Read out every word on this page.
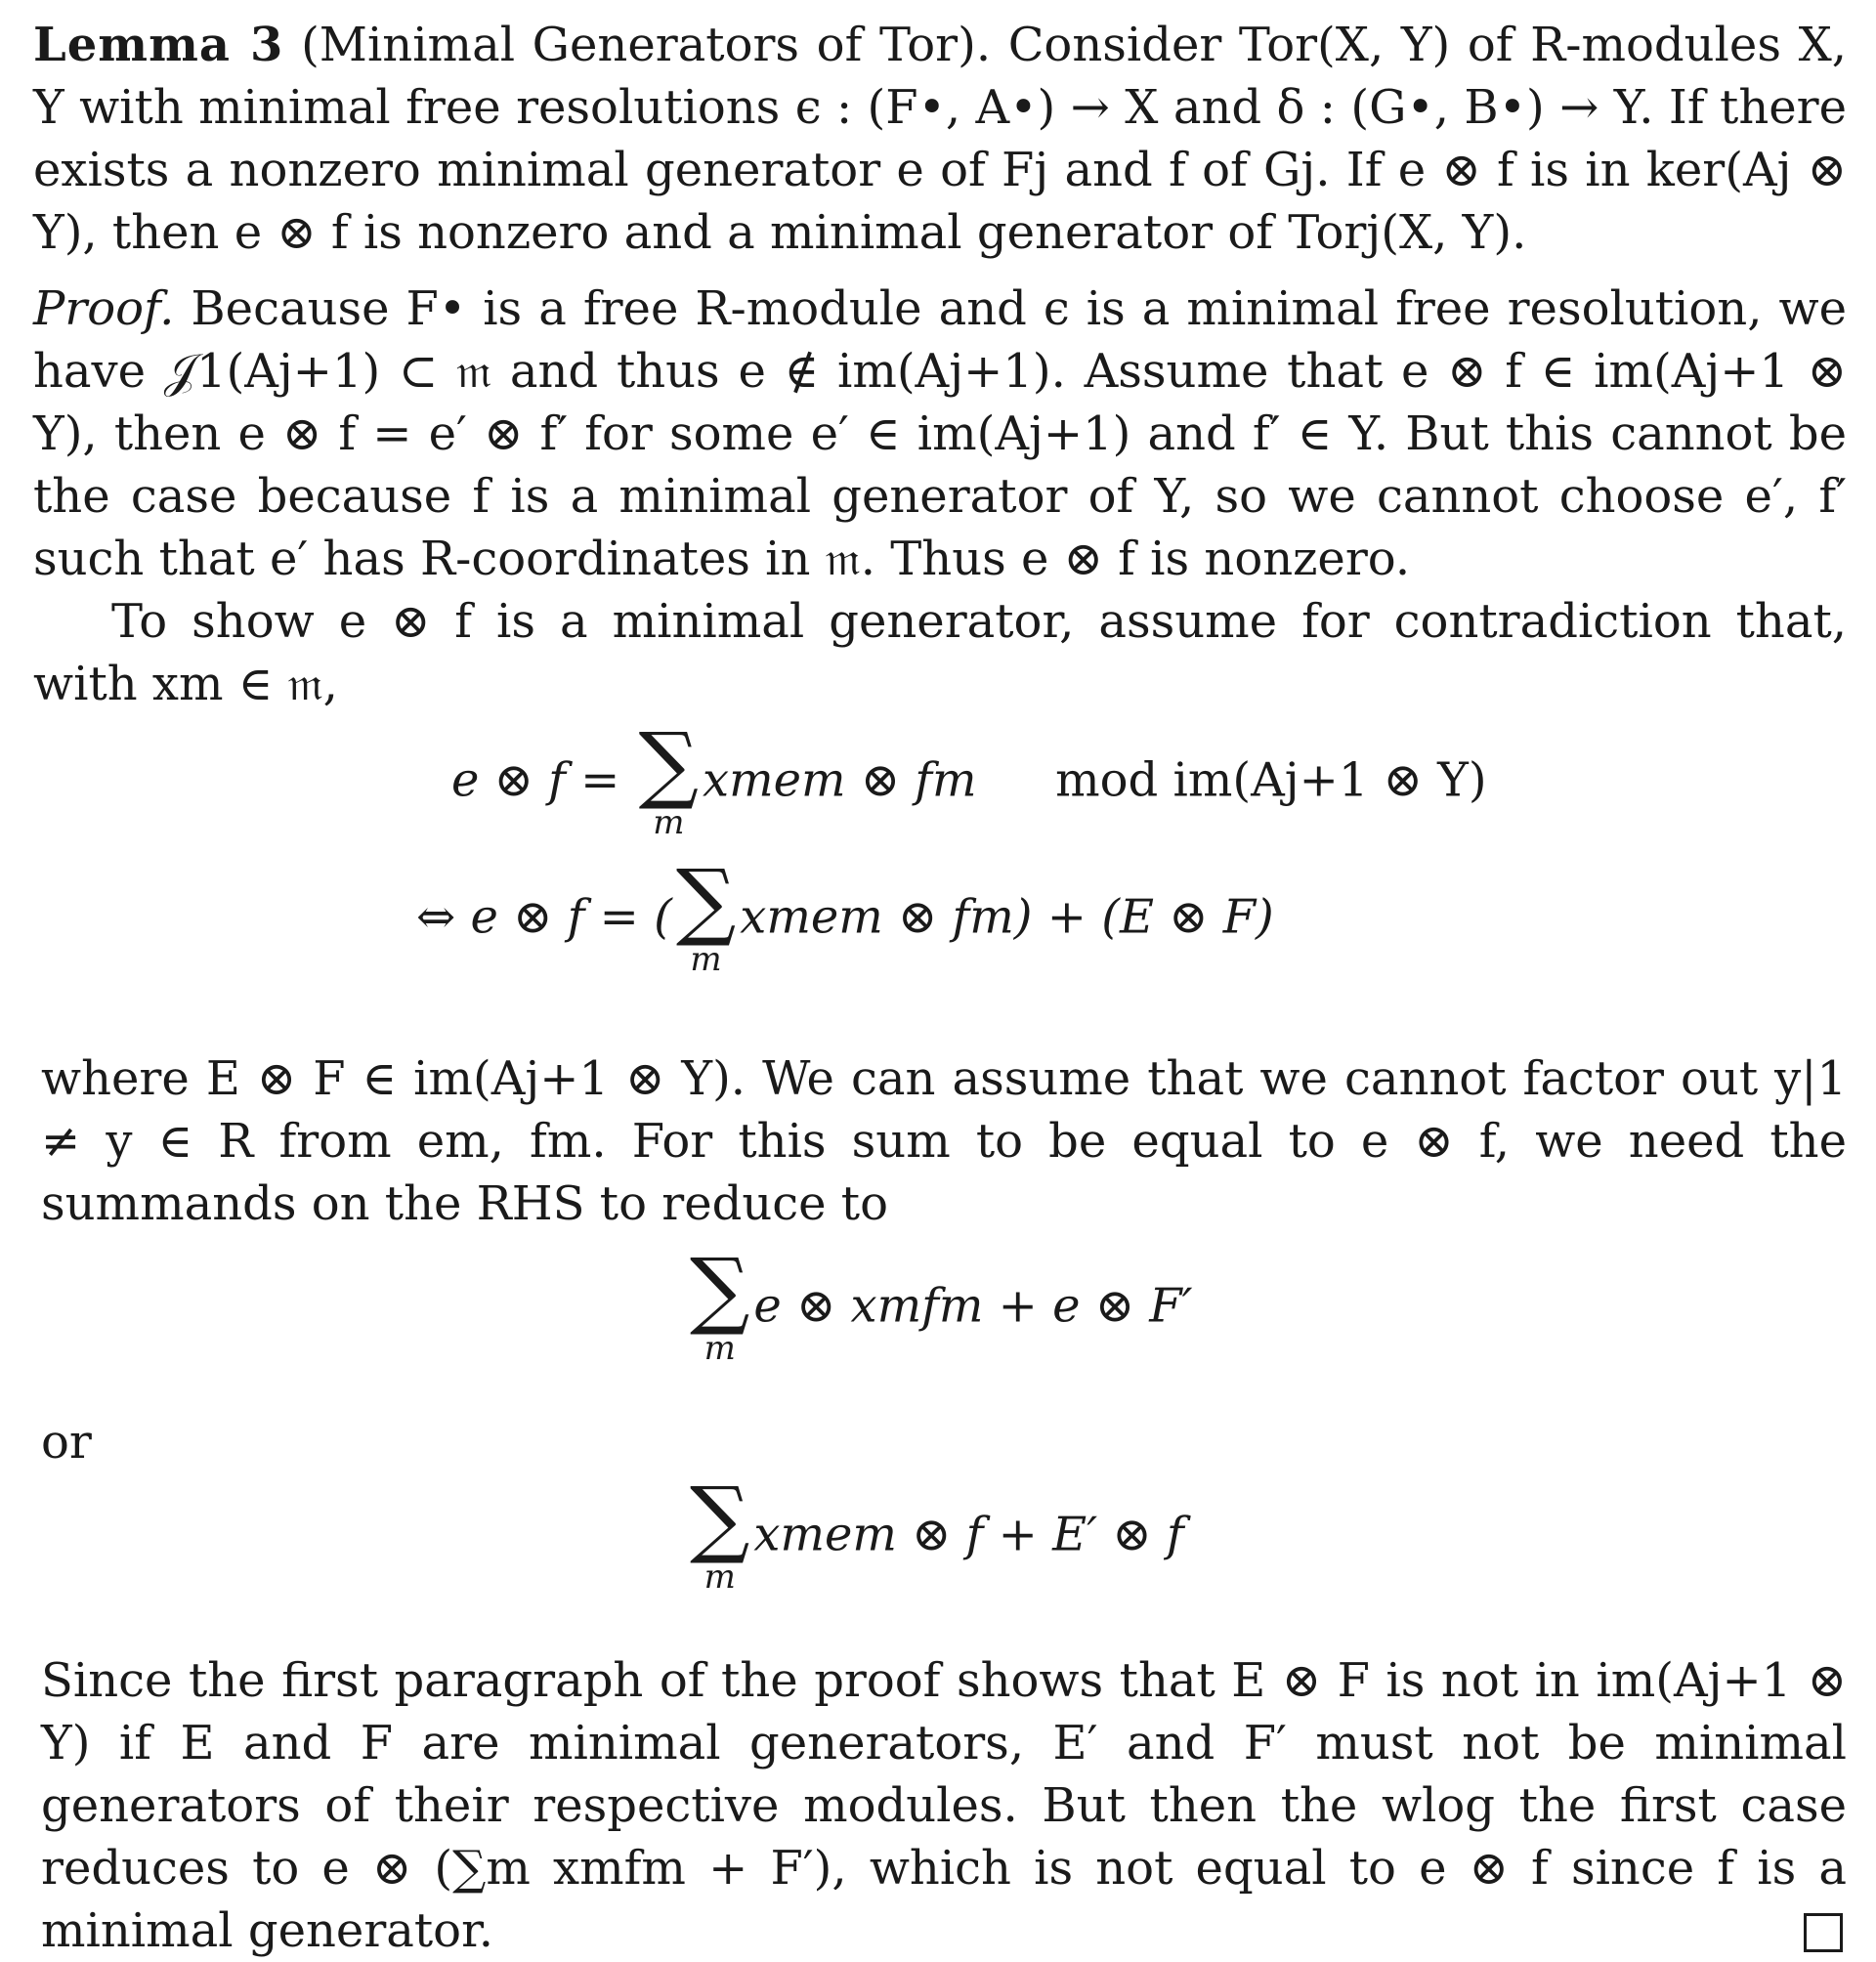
Lemma 3 (Minimal Generators of Tor). Consider Tor(X, Y) of R-modules X, Y with minimal free resolutions ϵ : (F•, A•) → X and δ : (G•, B•) → Y. If there exists a nonzero minimal generator e of Fj and f of Gj. If e ⊗ f is in ker(Aj ⊗ Y), then e ⊗ f is nonzero and a minimal generator of Torj(X, Y).

Proof. Because F• is a free R-module and ϵ is a minimal free resolution, we have 𝒥1(Aj+1) ⊂ 𝔪 and thus e ∉ im(Aj+1). Assume that e ⊗ f ∈ im(Aj+1 ⊗ Y), then e ⊗ f = e′ ⊗ f′ for some e′ ∈ im(Aj+1) and f′ ∈ Y. But this cannot be the case because f is a minimal generator of Y, so we cannot choose e′, f′ such that e′ has R-coordinates in 𝔪. Thus e ⊗ f is nonzero.

To show e ⊗ f is a minimal generator, assume for contradiction that, with xm ∈ 𝔪,

e ⊗ f = ∑
m
xmem ⊗ fm mod im(Aj+1 ⊗ Y)
⇔ e ⊗ f = ( ∑
m
xmem ⊗ fm) + (E ⊗ F)

where E ⊗ F ∈ im(Aj+1 ⊗ Y). We can assume that we cannot factor out y|1 ≠ y ∈ R from em, fm. For this sum to be equal to e ⊗ f, we need the summands on the RHS to reduce to

∑
m
e ⊗ xmfm + e ⊗ F′

or

∑
m
xmem ⊗ f + E′ ⊗ f

Since the first paragraph of the proof shows that E ⊗ F is not in im(Aj+1 ⊗ Y) if E and F are minimal generators, E′ and F′ must not be minimal generators of their respective modules. But then the wlog the first case reduces to e ⊗ (∑m xmfm + F′), which is not equal to e ⊗ f since f is a minimal generator.
